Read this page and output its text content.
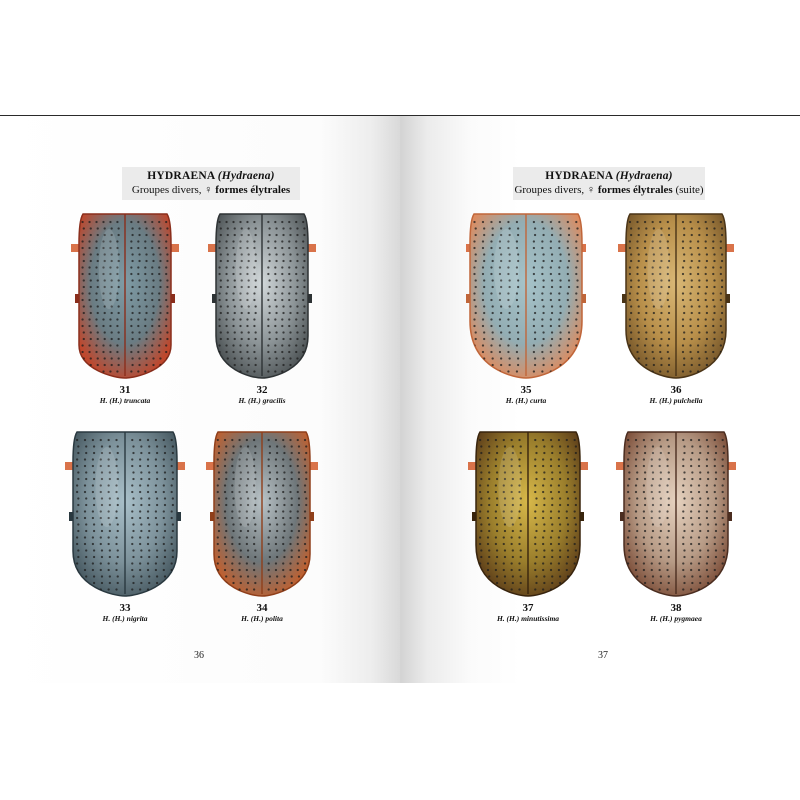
HYDRAENA (Hydraena)
Groupes divers, ♀ formes élytrales
31
H. (H.) truncata
32
H. (H.) gracilis
33
H. (H.) nigrita
34
H. (H.) polita
36
HYDRAENA (Hydraena)
Groupes divers, ♀ formes élytrales (suite)
35
H. (H.) curta
36
H. (H.) pulchella
37
H. (H.) minutissima
38
H. (H.) pygmaea
37
